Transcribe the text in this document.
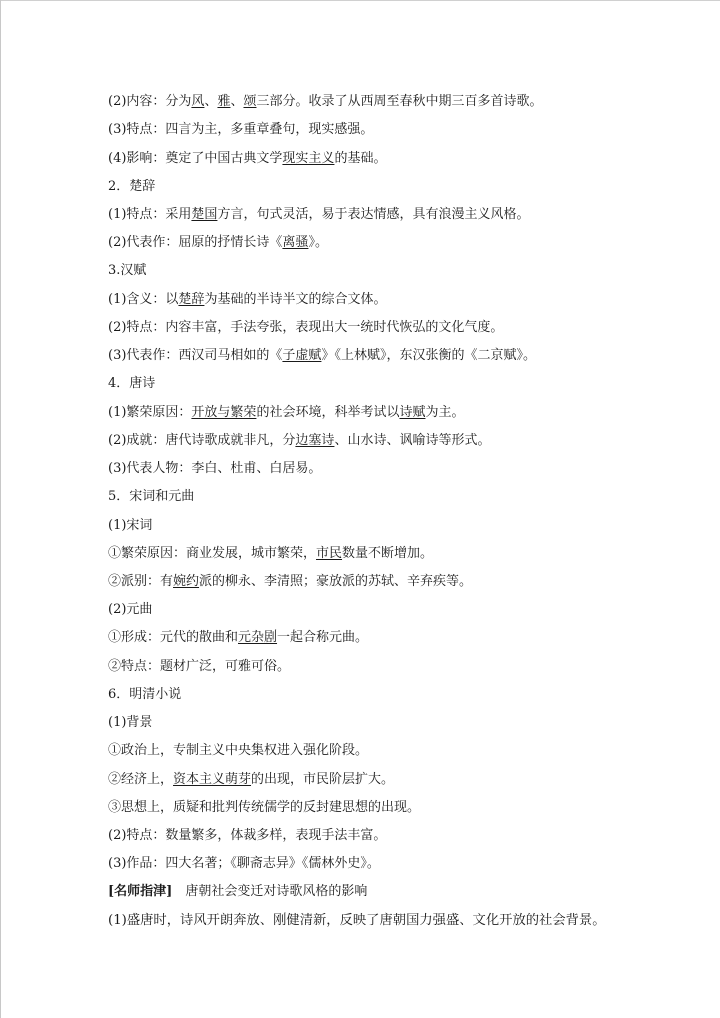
(2)内容：分为风、雅、颂三部分。收录了从西周至春秋中期三百多首诗歌。
(3)特点：四言为主，多重章叠句，现实感强。
(4)影响：奠定了中国古典文学现实主义的基础。
2．楚辞
(1)特点：采用楚国方言，句式灵活，易于表达情感，具有浪漫主义风格。
(2)代表作：屈原的抒情长诗《离骚》。
3.汉赋
(1)含义：以楚辞为基础的半诗半文的综合文体。
(2)特点：内容丰富，手法夸张，表现出大一统时代恢弘的文化气度。
(3)代表作：西汉司马相如的《子虚赋》《上林赋》，东汉张衡的《二京赋》。
4．唐诗
(1)繁荣原因：开放与繁荣的社会环境，科举考试以诗赋为主。
(2)成就：唐代诗歌成就非凡，分边塞诗、山水诗、讽喻诗等形式。
(3)代表人物：李白、杜甫、白居易。
5．宋词和元曲
(1)宋词
①繁荣原因：商业发展，城市繁荣，市民数量不断增加。
②派别：有婉约派的柳永、李清照；豪放派的苏轼、辛弃疾等。
(2)元曲
①形成：元代的散曲和元杂剧一起合称元曲。
②特点：题材广泛，可雅可俗。
6．明清小说
(1)背景
①政治上，专制主义中央集权进入强化阶段。
②经济上，资本主义萌芽的出现，市民阶层扩大。
③思想上，质疑和批判传统儒学的反封建思想的出现。
(2)特点：数量繁多，体裁多样，表现手法丰富。
(3)作品：四大名著；《聊斋志异》《儒林外史》。
[名师指津]　唐朝社会变迁对诗歌风格的影响
(1)盛唐时，诗风开朗奔放、刚健清新，反映了唐朝国力强盛、文化开放的社会背景。
